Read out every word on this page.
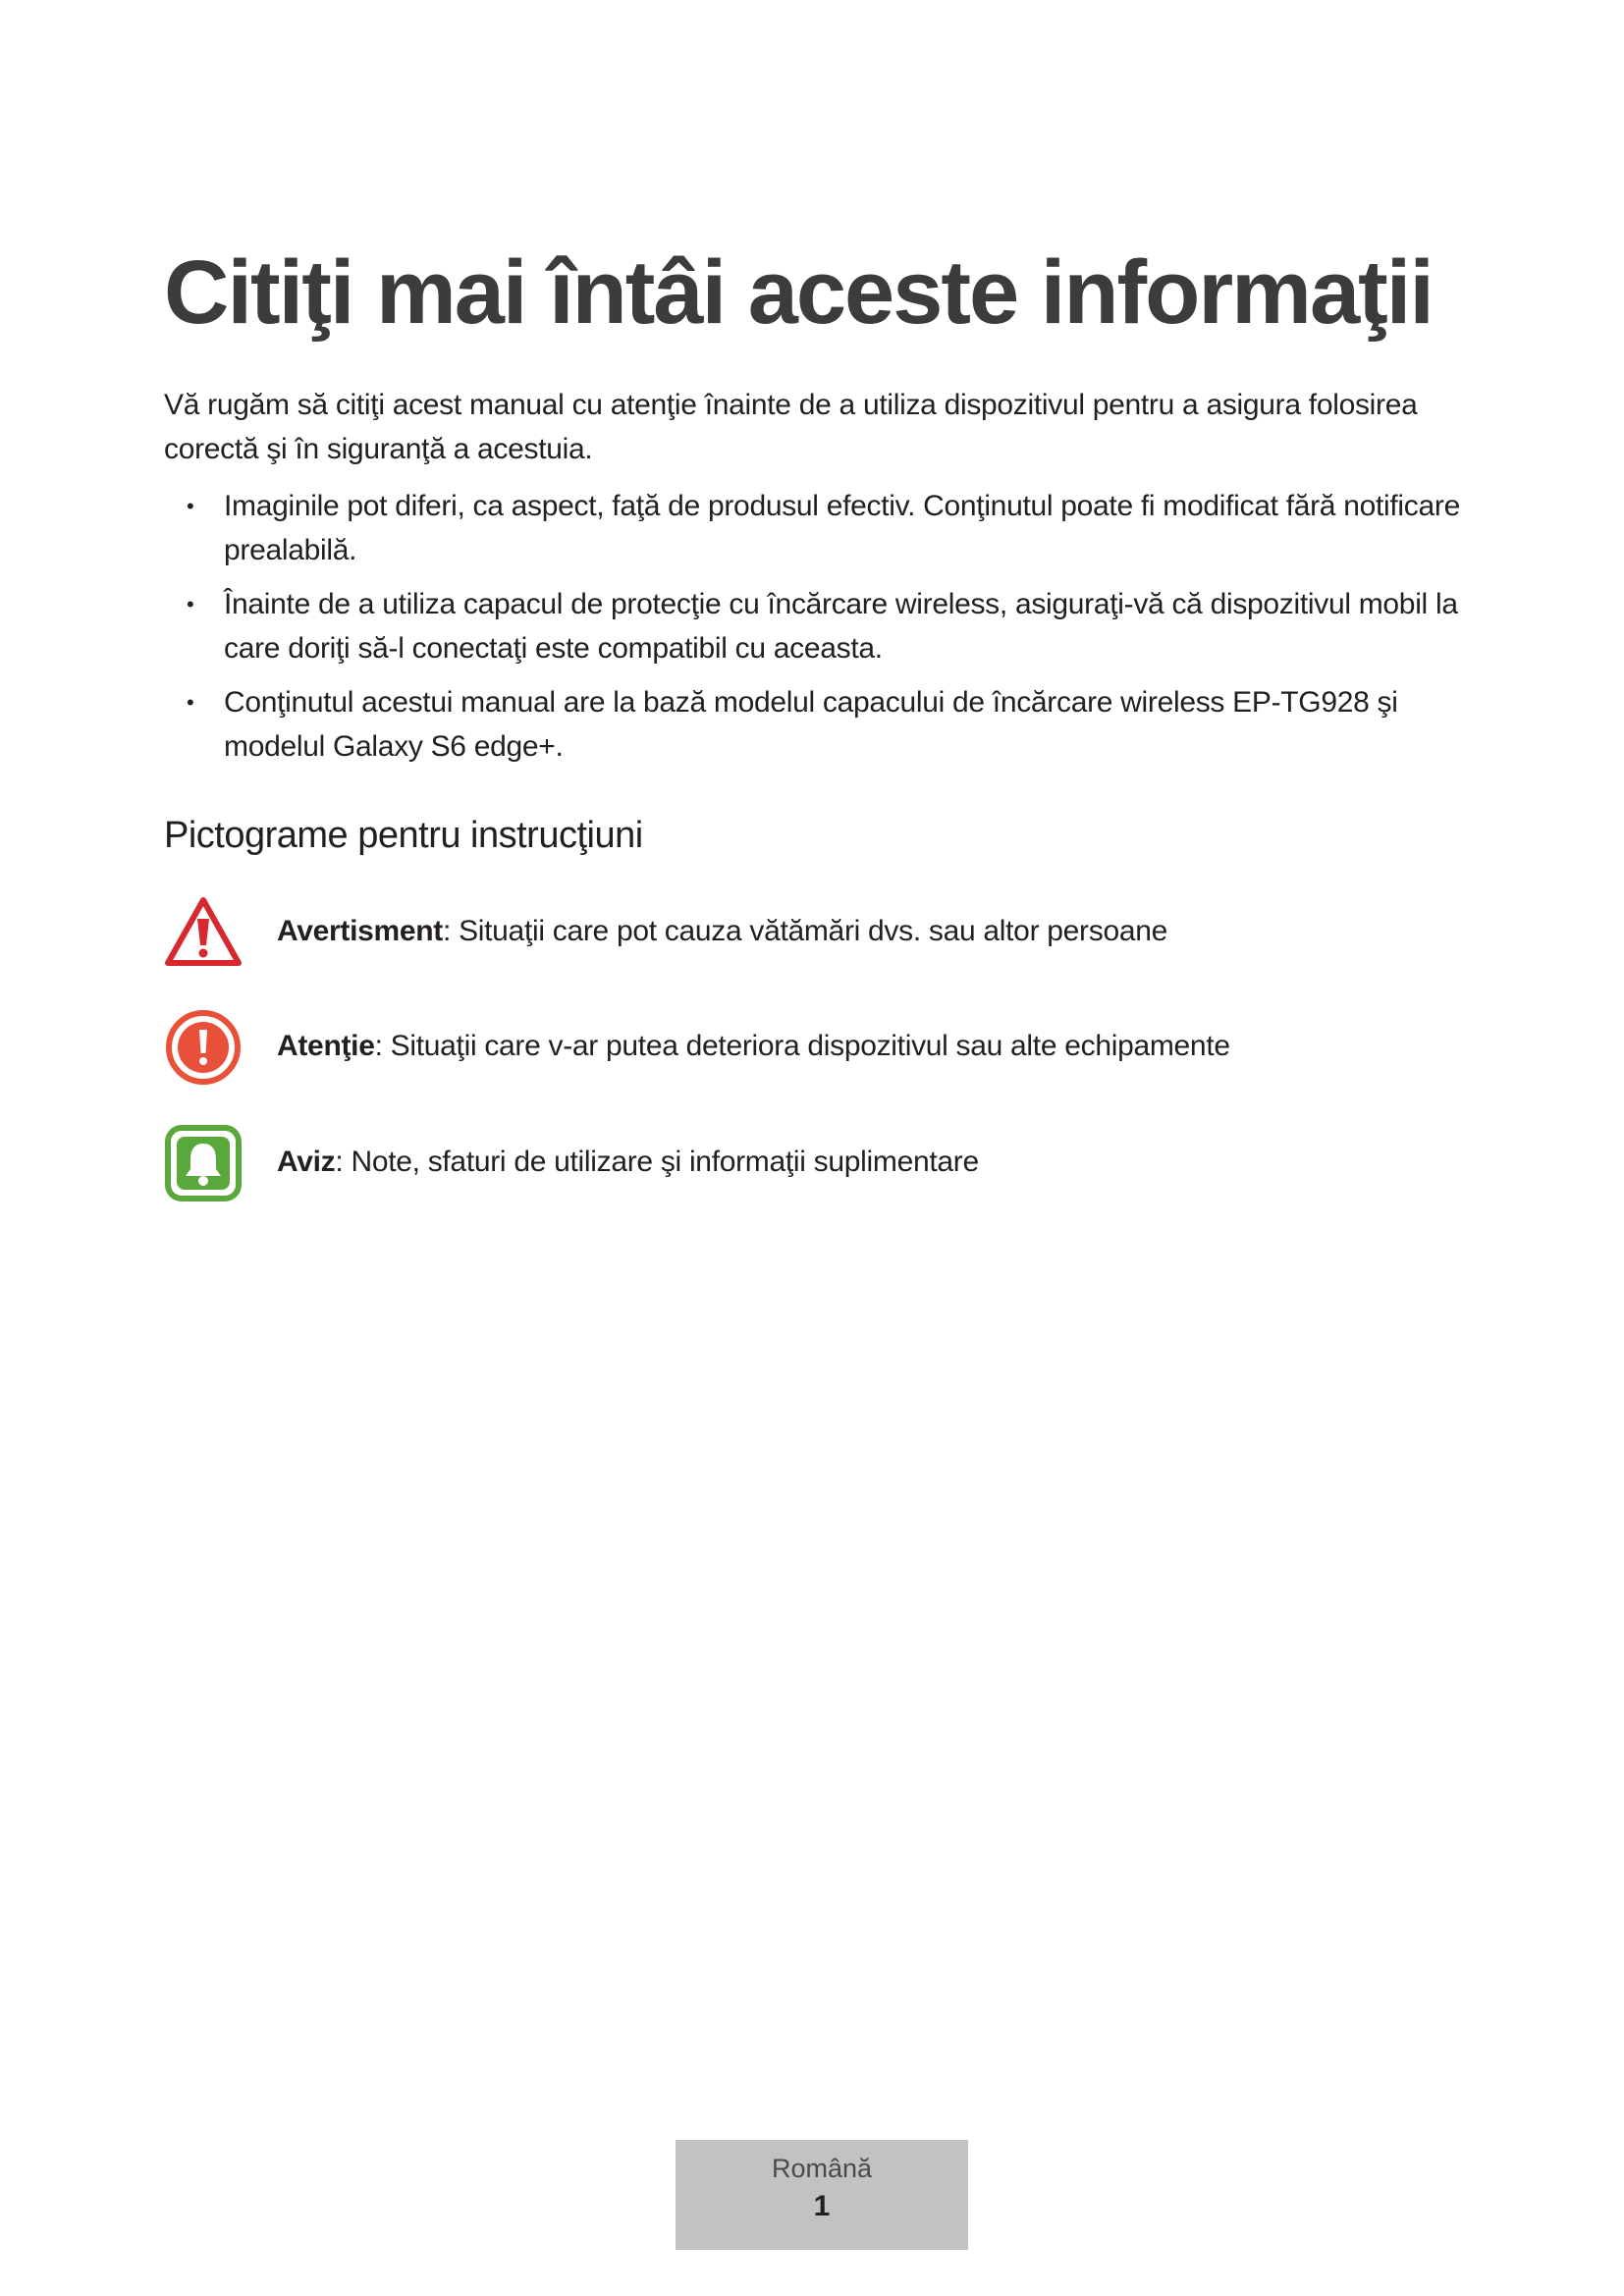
Citiţi mai întâi aceste informaţii

Vă rugăm să citiţi acest manual cu atenţie înainte de a utiliza dispozitivul pentru a asigura folosirea corectă şi în siguranţă a acestuia.

• Imaginile pot diferi, ca aspect, faţă de produsul efectiv. Conţinutul poate fi modificat fără notificare prealabilă.
• Înainte de a utiliza capacul de protecţie cu încărcare wireless, asiguraţi-vă că dispozitivul mobil la care doriţi să-l conectaţi este compatibil cu aceasta.
• Conţinutul acestui manual are la bază modelul capacului de încărcare wireless EP-TG928 şi modelul Galaxy S6 edge+.
Pictograme pentru instrucţiuni
Avertisment: Situaţii care pot cauza vătămări dvs. sau altor persoane
Atenţie: Situaţii care v-ar putea deteriora dispozitivul sau alte echipamente
Aviz: Note, sfaturi de utilizare şi informaţii suplimentare
Română
1
